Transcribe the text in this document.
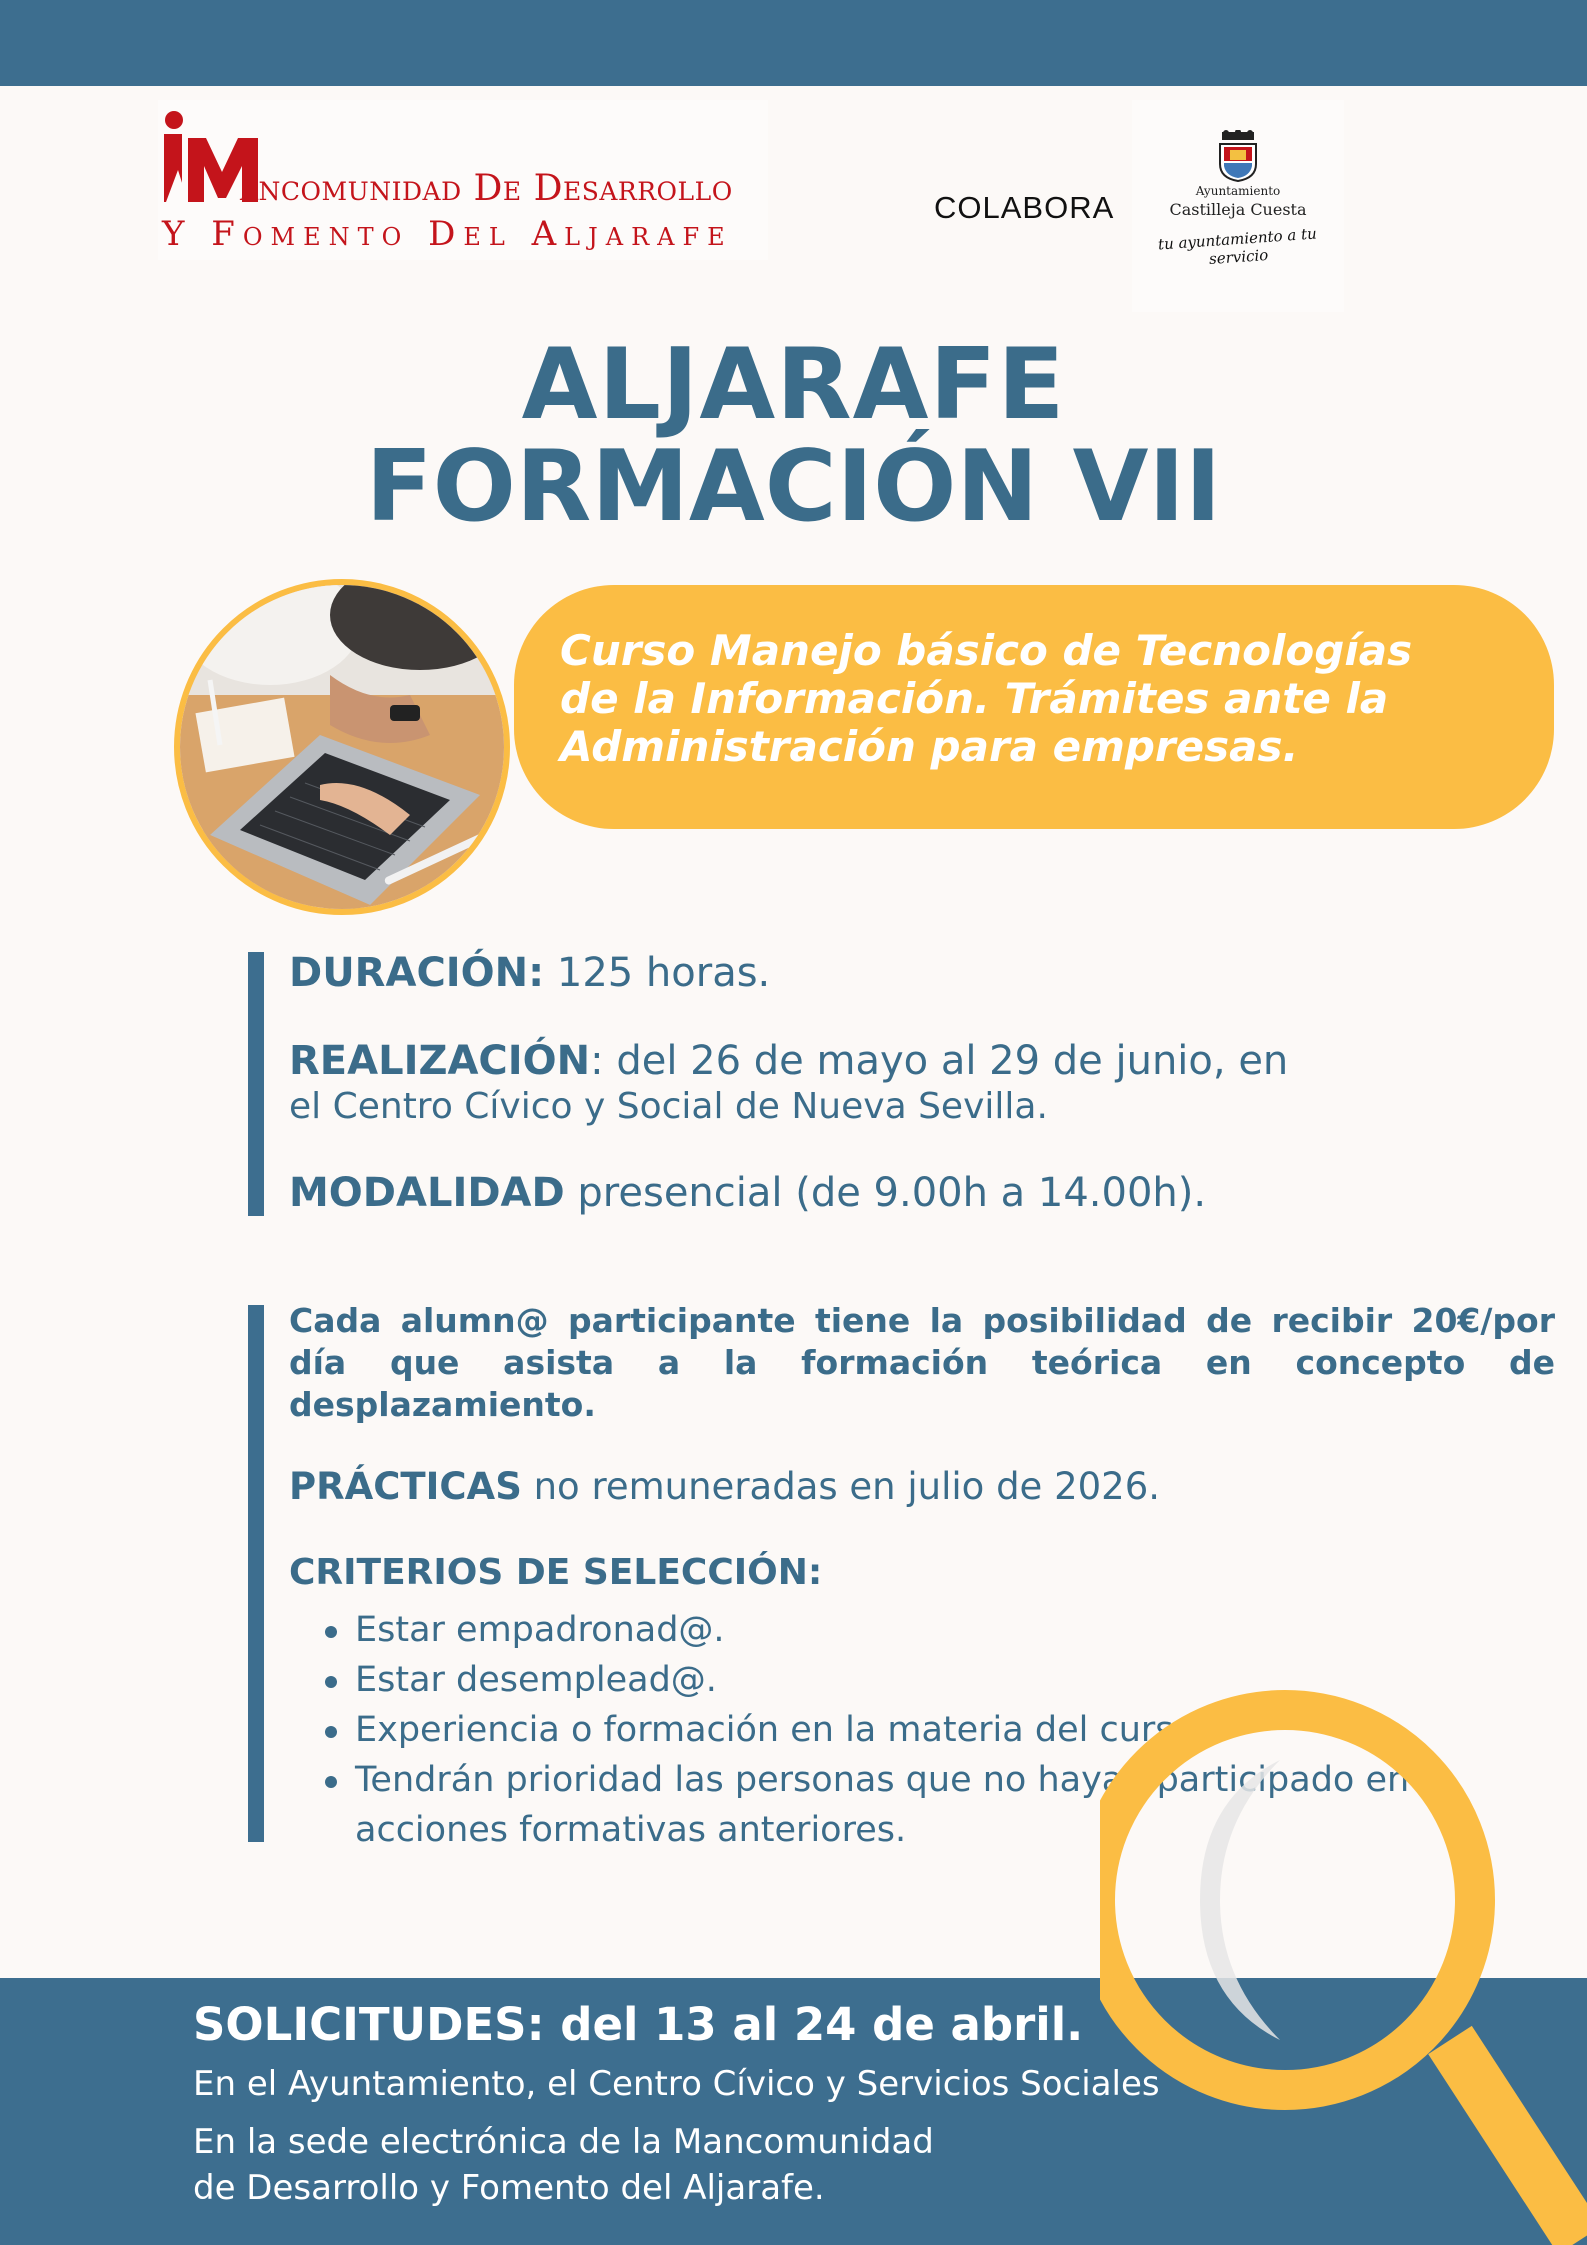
ancomunidad De Desarrollo
Y Fomento Del Aljarafe
COLABORA	Ayuntamiento
Castilleja Cuesta
tu ayuntamiento a tu servicio
ALJARAFE
FORMACIÓN VII
Curso Manejo básico de Tecnologías
de la Información. Trámites ante la
Administración para empresas.
DURACIÓN: 125 horas.
REALIZACIÓN: del 26 de mayo al 29 de junio, en
el Centro Cívico y Social de Nueva Sevilla.
MODALIDAD presencial (de 9.00h a 14.00h).
Cada alumn@ participante tiene la posibilidad de recibir 20€/por día que asista a la formación teórica en concepto de desplazamiento.
PRÁCTICAS no remuneradas en julio de 2026.
CRITERIOS DE SELECCIÓN:
Estar empadronad@.
Estar desemplead@.
Experiencia o formación en la materia del curso.
Tendrán prioridad las personas que no hayan participado en
acciones formativas anteriores.
SOLICITUDES: del 13 al 24 de abril.
En el Ayuntamiento, el Centro Cívico y Servicios Sociales
En la sede electrónica de la Mancomunidad
de Desarrollo y Fomento del Aljarafe.
